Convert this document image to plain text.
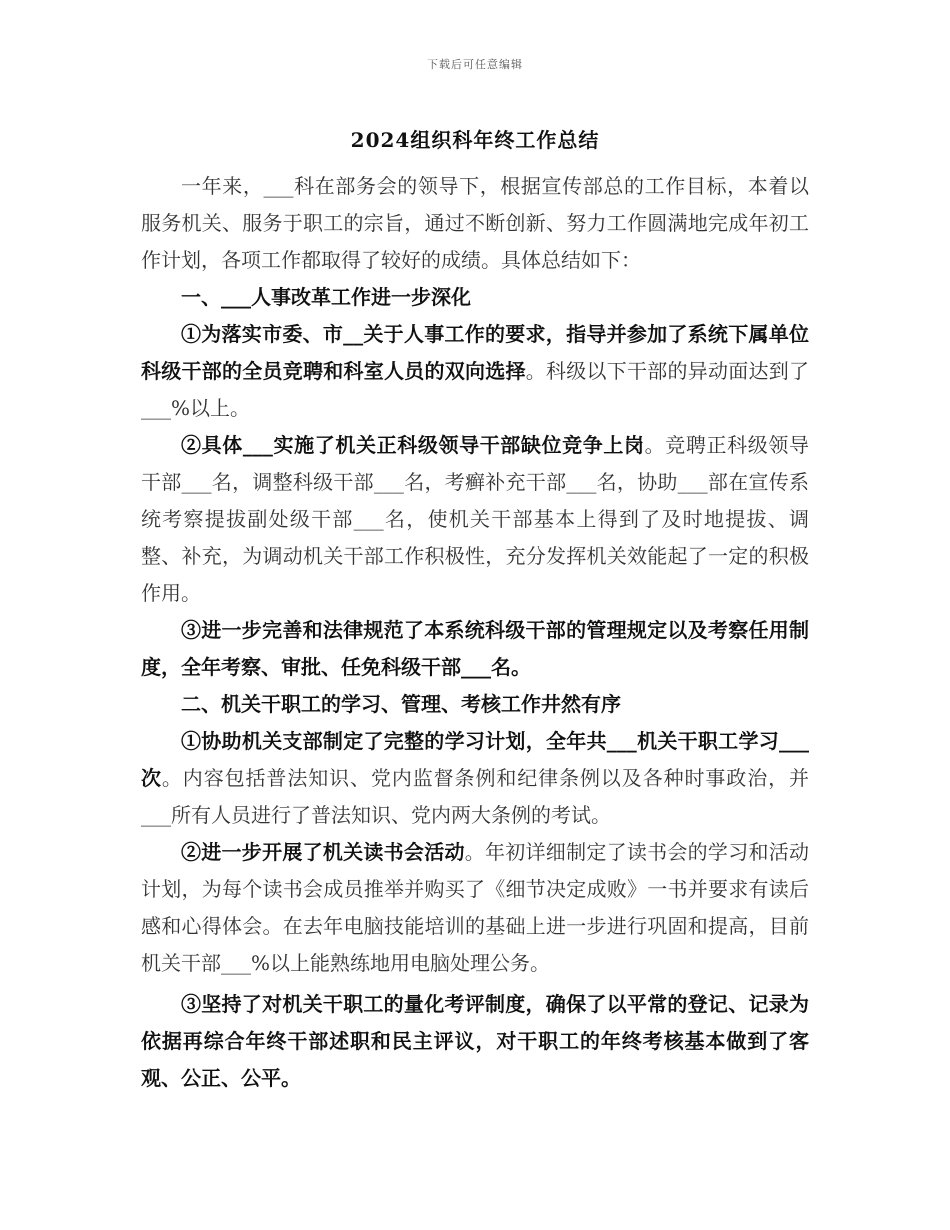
下载后可任意编辑
2024组织科年终工作总结

一年来，___科在部务会的领导下，根据宣传部总的工作目标，本着以服务机关、服务于职工的宗旨，通过不断创新、努力工作圆满地完成年初工作计划，各项工作都取得了较好的成绩。具体总结如下：

一、___人事改革工作进一步深化

①为落实市委、市__关于人事工作的要求，指导并参加了系统下属单位科级干部的全员竞聘和科室人员的双向选择。科级以下干部的异动面达到了___%以上。

②具体___实施了机关正科级领导干部缺位竞争上岗。竞聘正科级领导干部___名，调整科级干部___名，考癣补充干部___名，协助___部在宣传系统考察提拔副处级干部___名，使机关干部基本上得到了及时地提拔、调整、补充，为调动机关干部工作积极性，充分发挥机关效能起了一定的积极作用。

③进一步完善和法律规范了本系统科级干部的管理规定以及考察任用制度，全年考察、审批、任免科级干部___名。

二、机关干职工的学习、管理、考核工作井然有序

①协助机关支部制定了完整的学习计划，全年共___机关干职工学习___次。内容包括普法知识、党内监督条例和纪律条例以及各种时事政治，并___所有人员进行了普法知识、党内两大条例的考试。

②进一步开展了机关读书会活动。年初详细制定了读书会的学习和活动计划，为每个读书会成员推举并购买了《细节决定成败》一书并要求有读后感和心得体会。在去年电脑技能培训的基础上进一步进行巩固和提高，目前机关干部___%以上能熟练地用电脑处理公务。

③坚持了对机关干职工的量化考评制度，确保了以平常的登记、记录为依据再综合年终干部述职和民主评议，对干职工的年终考核基本做到了客观、公正、公平。
